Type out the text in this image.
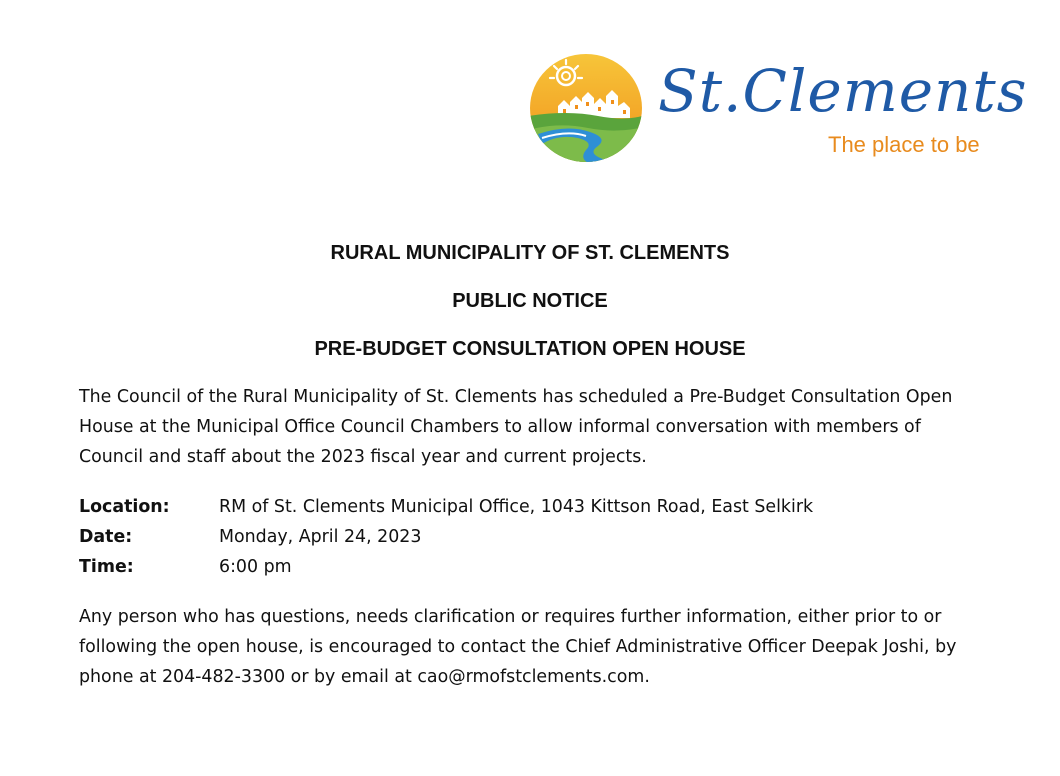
St.Clements
The place to be
RURAL MUNICIPALITY OF ST. CLEMENTS
PUBLIC NOTICE
PRE-BUDGET CONSULTATION OPEN HOUSE
The Council of the Rural Municipality of St. Clements has scheduled a Pre-Budget Consultation Open
House at the Municipal Office Council Chambers to allow informal conversation with members of
Council and staff about the 2023 fiscal year and current projects.
Location:	RM of St. Clements Municipal Office, 1043 Kittson Road, East Selkirk
Date:	Monday, April 24, 2023
Time:	6:00 pm
Any person who has questions, needs clarification or requires further information, either prior to or
following the open house, is encouraged to contact the Chief Administrative Officer Deepak Joshi, by
phone at 204-482-3300 or by email at cao@rmofstclements.com.
